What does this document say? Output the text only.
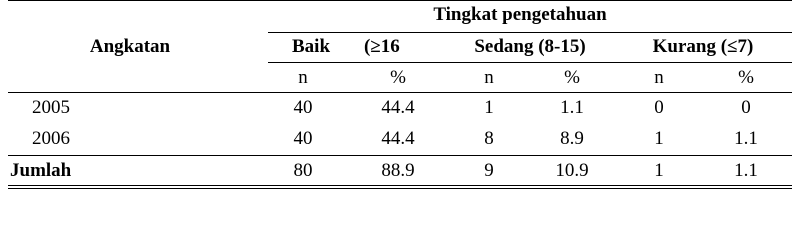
Tingkat pengetahuan
Angkatan	Baik (≥16	Sedang (8-15)	Kurang (≤7)
n	%	n	%	n	%
2005	40	44.4	1	1.1	0	0
2006	40	44.4	8	8.9	1	1.1
Jumlah	80	88.9	9	10.9	1	1.1
